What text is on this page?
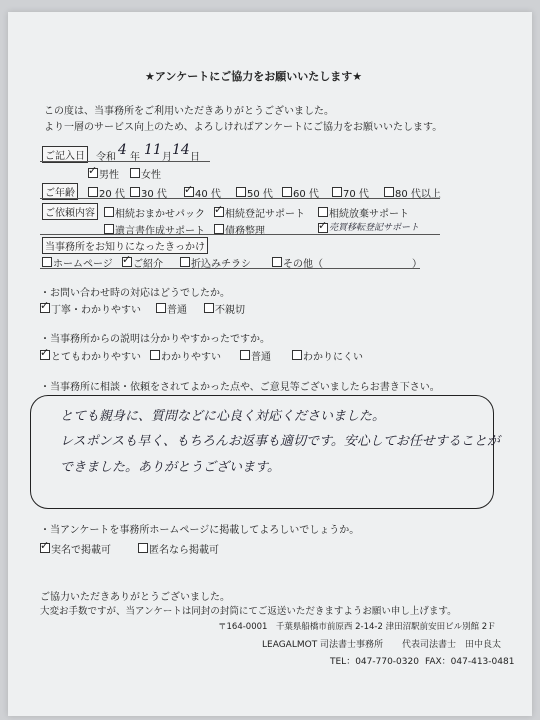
★アンケートにご協力をお願いいたします★
この度は、当事務所をご利用いただきありがとうございました。
より一層のサービス向上のため、よろしければアンケートにご協力をお願いいたします。
ご記入日	令和 4 年 11 月 14 日
✓
男性 女性
ご年齢	20 代 30 代 ✓	40 代	50 代 60 代 70 代	80 代以上
ご依頼内容	相続おまかせパック ✓ 相続登記サポート 相続放棄サポート
遺言書作成サポート 債務整理 ✓	売買移転登記サポート
当事務所をお知りになったきっかけ
ホームページ ✓ ご紹介	折込みチラシ	その他（	）
・お問い合わせ時の対応はどうでしたか。
✓
丁寧・わかりやすい	普通	不親切
・当事務所からの説明は分かりやすかったですか。
✓
とてもわかりやすい わかりやすい	普通	わかりにくい
・当事務所に相談・依頼をされてよかった点や、ご意見等ございましたらお書き下さい。
とても親身に、質問などに心良く対応くださいました。
レスポンスも早く、もちろんお返事も適切です。安心してお任せすることが
できました。ありがとうございます。
・当アンケートを事務所ホームページに掲載してよろしいでしょうか。
✓
実名で掲載可	匿名なら掲載可
ご協力いただきありがとうございました。
大変お手数ですが、当アンケートは同封の封筒にてご返送いただきますようお願い申し上げます。
〒164-0001　千葉県船橋市前原西 2-14-2 津田沼駅前安田ビル別館 2Ｆ
LEAGALMOT 司法書士事務所 代表司法書士　田中良太
TEL：047-770-0320 FAX：047-413-0481
